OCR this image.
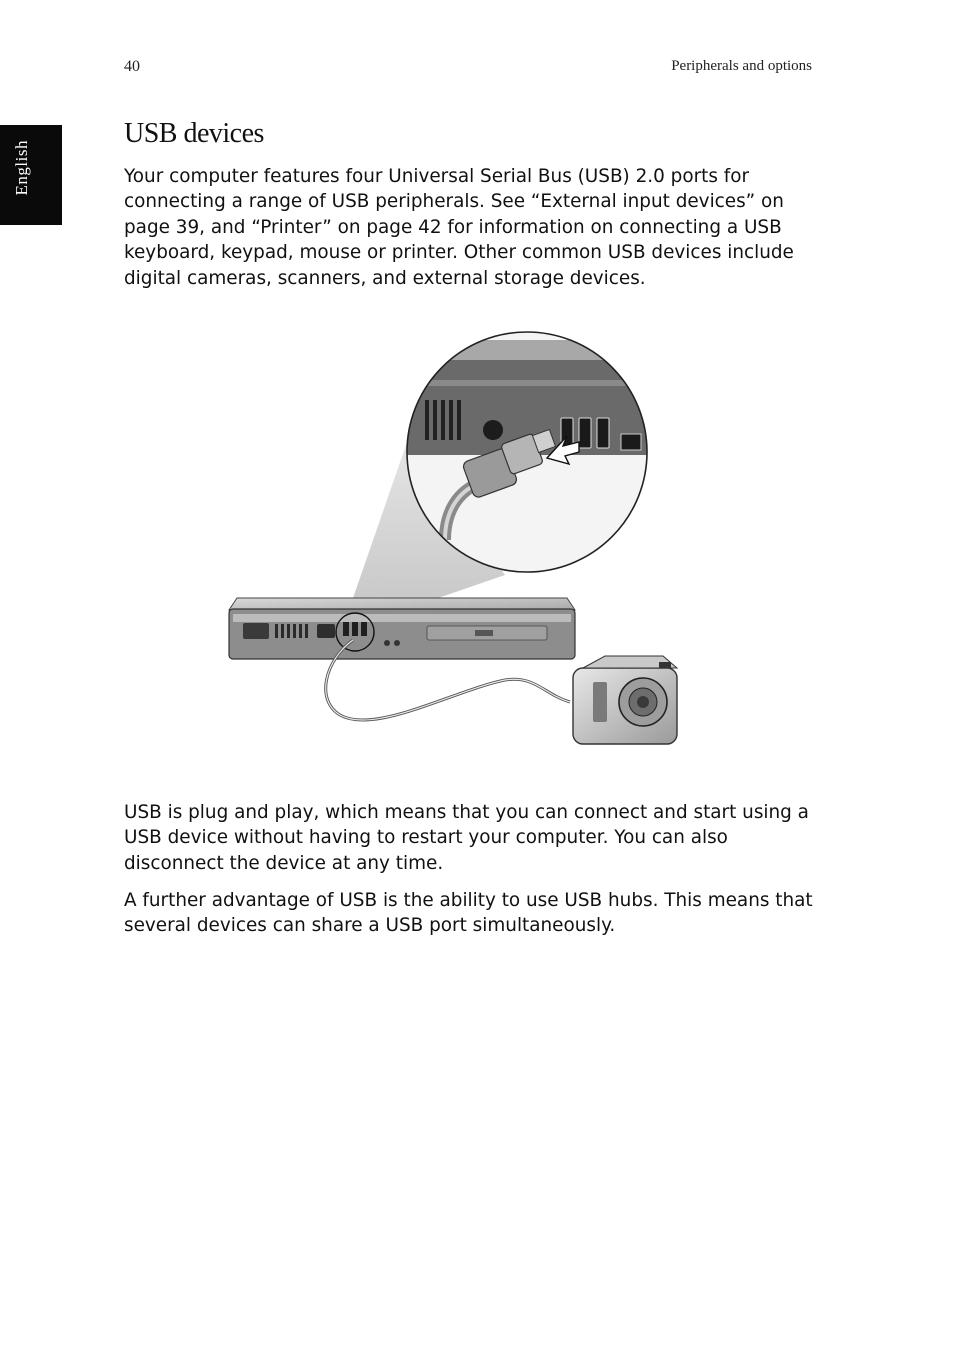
40	Peripherals and options
English
USB devices

Your computer features four Universal Serial Bus (USB) 2.0 ports for connecting a range of USB peripherals. See “External input devices” on page 39, and “Printer” on page 42 for information on connecting a USB keyboard, keypad, mouse or printer. Other common USB devices include digital cameras, scanners, and external storage devices.

USB is plug and play, which means that you can connect and start using a USB device without having to restart your computer. You can also disconnect the device at any time.

A further advantage of USB is the ability to use USB hubs. This means that several devices can share a USB port simultaneously.
